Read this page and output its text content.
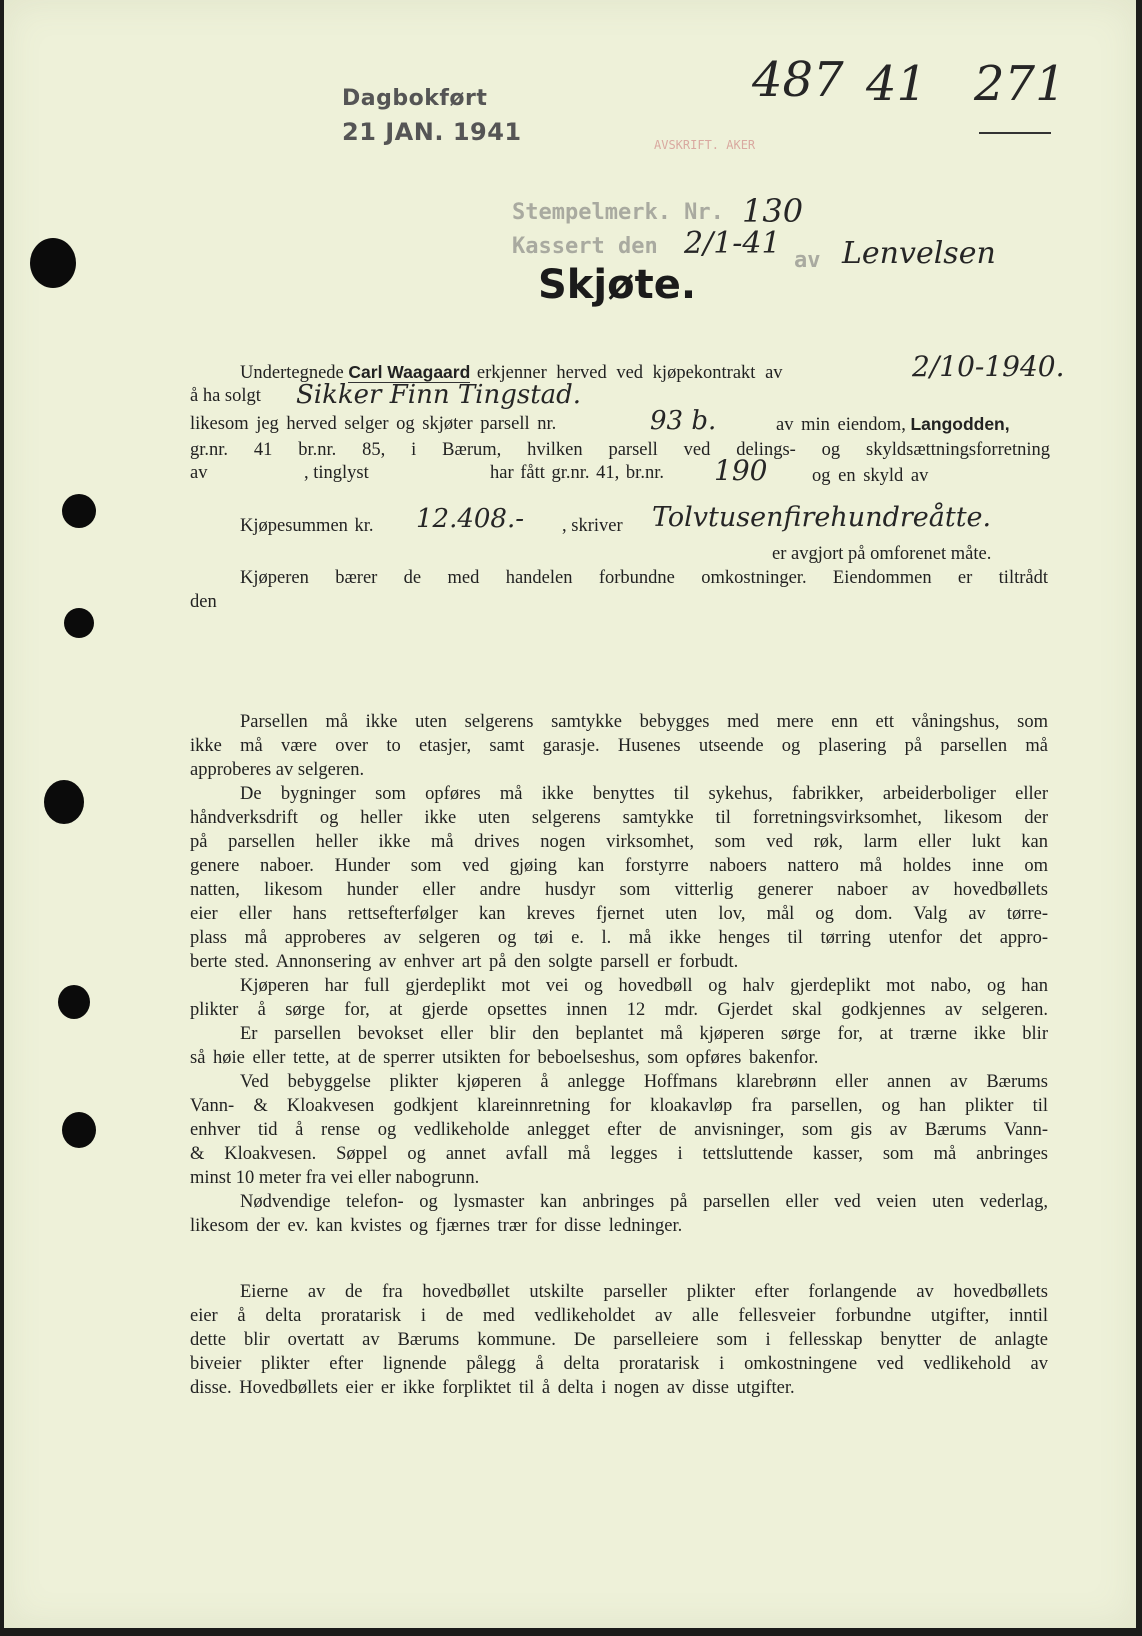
Dagbokført
21 JAN. 1941	AVSKRIFT. AKER
487 41 271
Stempelmerk. Nr. 130
Kassert den 2/1-41 av Lenvelsen
Skjøte.
Undertegnede Carl Waagaard erkjenner herved ved kjøpekontrakt av	2/10-1940.
å ha solgt Sikker Finn Tingstad.
likesom jeg herved selger og skjøter parsell nr.	93 b.	av min eiendom, Langodden,
gr.nr. 41 br.nr. 85, i Bærum, hvilken parsell ved delings- og skyldsættningsforretning
av	, tinglyst	har fått gr.nr. 41, br.nr. 190 og en skyld av
Kjøpesummen kr. 12.408.- , skriver Tolvtusenfirehundreåtte.
er avgjort på omforenet måte.
Kjøperen bærer de med handelen forbundne omkostninger. Eiendommen er tiltrådt
den
Parsellen må ikke uten selgerens samtykke bebygges med mere enn ett våningshus, som
ikke må være over to etasjer, samt garasje. Husenes utseende og plasering på parsellen må
approberes av selgeren.
De bygninger som opføres må ikke benyttes til sykehus, fabrikker, arbeiderboliger eller
håndverksdrift og heller ikke uten selgerens samtykke til forretningsvirksomhet, likesom der
på parsellen heller ikke må drives nogen virksomhet, som ved røk, larm eller lukt kan
genere naboer. Hunder som ved gjøing kan forstyrre naboers nattero må holdes inne om
natten, likesom hunder eller andre husdyr som vitterlig generer naboer av hovedbøllets
eier eller hans rettsefterfølger kan kreves fjernet uten lov, mål og dom. Valg av tørre-
plass må approberes av selgeren og tøi e. l. må ikke henges til tørring utenfor det appro-
berte sted. Annonsering av enhver art på den solgte parsell er forbudt.
Kjøperen har full gjerdeplikt mot vei og hovedbøll og halv gjerdeplikt mot nabo, og han
plikter å sørge for, at gjerde opsettes innen 12 mdr. Gjerdet skal godkjennes av selgeren.
Er parsellen bevokset eller blir den beplantet må kjøperen sørge for, at trærne ikke blir
så høie eller tette, at de sperrer utsikten for beboelseshus, som opføres bakenfor.
Ved bebyggelse plikter kjøperen å anlegge Hoffmans klarebrønn eller annen av Bærums
Vann- & Kloakvesen godkjent klareinnretning for kloakavløp fra parsellen, og han plikter til
enhver tid å rense og vedlikeholde anlegget efter de anvisninger, som gis av Bærums Vann-
& Kloakvesen. Søppel og annet avfall må legges i tettsluttende kasser, som må anbringes
minst 10 meter fra vei eller nabogrunn.
Nødvendige telefon- og lysmaster kan anbringes på parsellen eller ved veien uten vederlag,
likesom der ev. kan kvistes og fjærnes trær for disse ledninger.
Eierne av de fra hovedbøllet utskilte parseller plikter efter forlangende av hovedbøllets
eier å delta proratarisk i de med vedlikeholdet av alle fellesveier forbundne utgifter, inntil
dette blir overtatt av Bærums kommune. De parselleiere som i fellesskap benytter de anlagte
biveier plikter efter lignende pålegg å delta proratarisk i omkostningene ved vedlikehold av
disse. Hovedbøllets eier er ikke forpliktet til å delta i nogen av disse utgifter.
